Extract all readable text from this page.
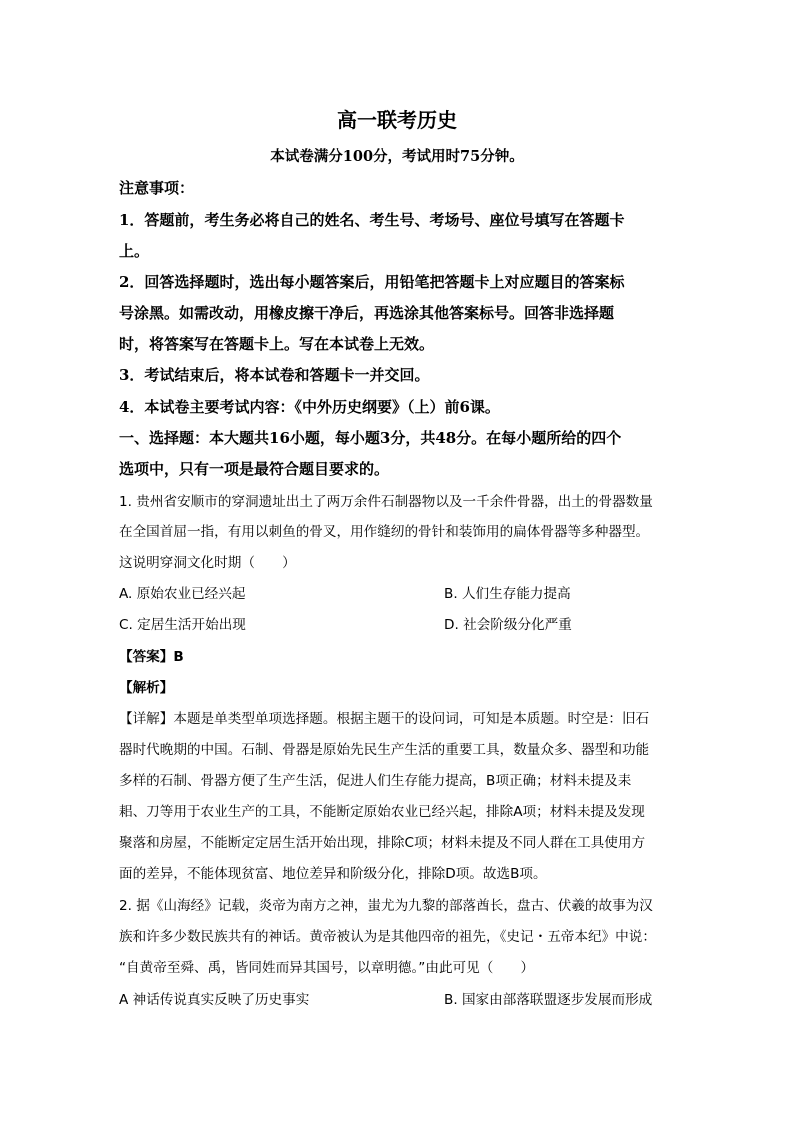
高一联考历史
本试卷满分100分，考试用时75分钟。
注意事项：
1．答题前，考生务必将自己的姓名、考生号、考场号、座位号填写在答题卡
上。
2．回答选择题时，选出每小题答案后，用铅笔把答题卡上对应题目的答案标
号涂黑。如需改动，用橡皮擦干净后，再选涂其他答案标号。回答非选择题
时，将答案写在答题卡上。写在本试卷上无效。
3．考试结束后，将本试卷和答题卡一并交回。
4．本试卷主要考试内容：《中外历史纲要》（上）前6课。
一、选择题：本大题共16小题，每小题3分，共48分。在每小题所给的四个
选项中，只有一项是最符合题目要求的。
1. 贵州省安顺市的穿洞遗址出土了两万余件石制器物以及一千余件骨器，出土的骨器数量
在全国首屈一指，有用以刺鱼的骨叉，用作缝纫的骨针和装饰用的扁体骨器等多种器型。
这说明穿洞文化时期（　　）
A. 原始农业已经兴起	B. 人们生存能力提高
C. 定居生活开始出现	D. 社会阶级分化严重
【答案】B
【解析】
【详解】本题是单类型单项选择题。根据主题干的设问词，可知是本质题。时空是：旧石
器时代晚期的中国。石制、骨器是原始先民生产生活的重要工具，数量众多、器型和功能
多样的石制、骨器方便了生产生活，促进人们生存能力提高，B项正确；材料未提及耒
耜、刀等用于农业生产的工具，不能断定原始农业已经兴起，排除A项；材料未提及发现
聚落和房屋，不能断定定居生活开始出现，排除C项；材料未提及不同人群在工具使用方
面的差异，不能体现贫富、地位差异和阶级分化，排除D项。故选B项。
2. 据《山海经》记载，炎帝为南方之神，蚩尤为九黎的部落酋长，盘古、伏羲的故事为汉
族和许多少数民族共有的神话。黄帝被认为是其他四帝的祖先，《史记・五帝本纪》中说：
“自黄帝至舜、禹，皆同姓而异其国号，以章明德。”由此可见（　　）
A 神话传说真实反映了历史事实	B. 国家由部落联盟逐步发展而形成
